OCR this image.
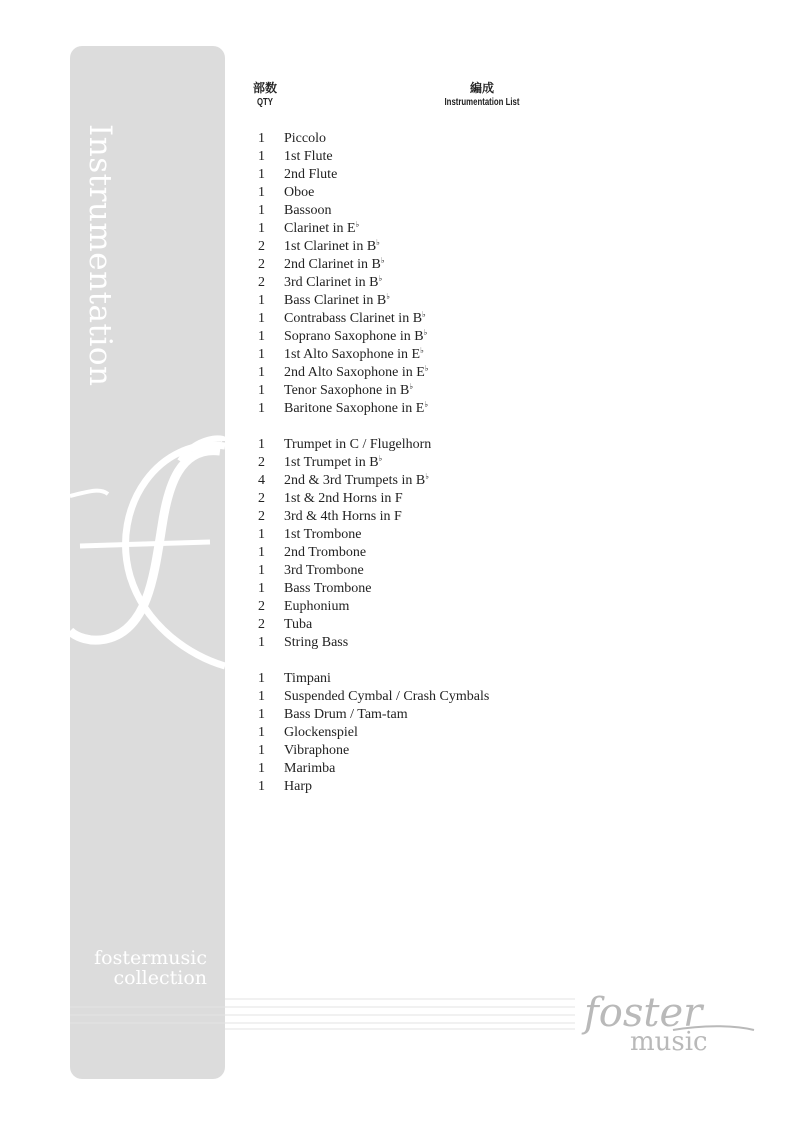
Instrumentation
fostermusic
collection
foster
music
部数
QTY
編成
Instrumentation List
1	Piccolo
1	1st Flute
1	2nd Flute
1	Oboe
1	Bassoon
1	Clarinet in E♭
2	1st Clarinet in B♭
2	2nd Clarinet in B♭
2	3rd Clarinet in B♭
1	Bass Clarinet in B♭
1	Contrabass Clarinet in B♭
1	Soprano Saxophone in B♭
1	1st Alto Saxophone in E♭
1	2nd Alto Saxophone in E♭
1	Tenor Saxophone in B♭
1	Baritone Saxophone in E♭
1	Trumpet in C / Flugelhorn
2	1st Trumpet in B♭
4	2nd & 3rd Trumpets in B♭
2	1st & 2nd Horns in F
2	3rd & 4th Horns in F
1	1st Trombone
1	2nd Trombone
1	3rd Trombone
1	Bass Trombone
2	Euphonium
2	Tuba
1	String Bass
1	Timpani
1	Suspended Cymbal / Crash Cymbals
1	Bass Drum / Tam-tam
1	Glockenspiel
1	Vibraphone
1	Marimba
1	Harp
